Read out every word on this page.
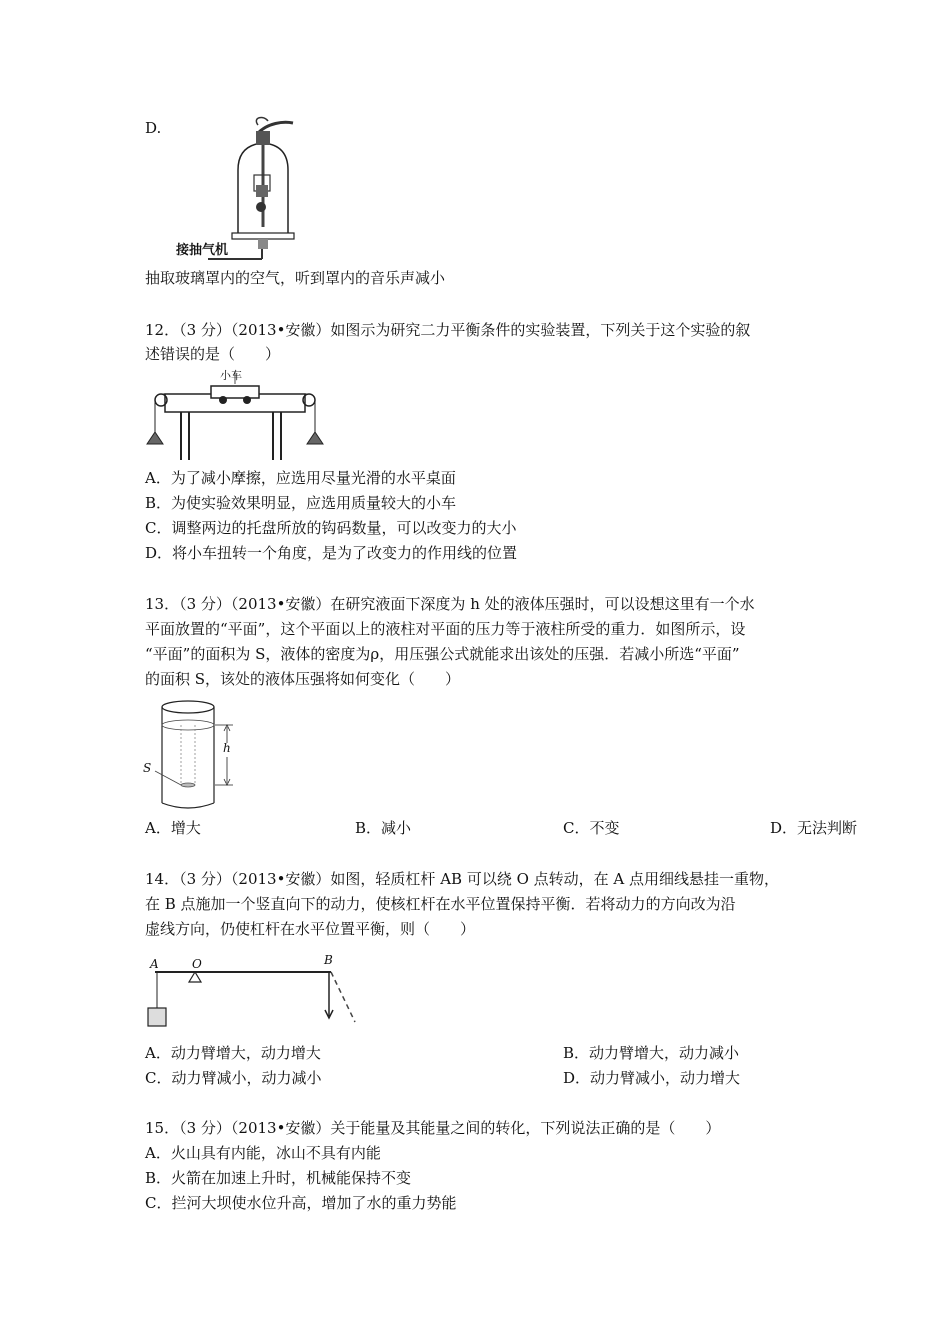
D.
接抽气机
抽取玻璃罩内的空气，听到罩内的音乐声减小
12．（3 分）（2013•安徽）如图示为研究二力平衡条件的实验装置，下列关于这个实验的叙
述错误的是（　　）
小车
A．为了减小摩擦，应选用尽量光滑的水平桌面
B．为使实验效果明显，应选用质量较大的小车
C．调整两边的托盘所放的钩码数量，可以改变力的大小
D．将小车扭转一个角度，是为了改变力的作用线的位置
13．（3 分）（2013•安徽）在研究液面下深度为 h 处的液体压强时，可以设想这里有一个水
平面放置的“平面”，这个平面以上的液柱对平面的压力等于液柱所受的重力．如图所示，设
“平面”的面积为 S，液体的密度为ρ，用压强公式就能求出该处的压强．若减小所选“平面”
的面积 S，该处的液体压强将如何变化（　　）
h
S
A．增大	B．减小	C．不变	D．无法判断
14．（3 分）（2013•安徽）如图，轻质杠杆 AB 可以绕 O 点转动，在 A 点用细线悬挂一重物，
在 B 点施加一个竖直向下的动力，使核杠杆在水平位置保持平衡．若将动力的方向改为沿
虚线方向，仍使杠杆在水平位置平衡，则（　　）
A	O	B
A．动力臂增大，动力增大	B．动力臂增大，动力减小
C．动力臂减小，动力减小	D．动力臂减小，动力增大
15．（3 分）（2013•安徽）关于能量及其能量之间的转化，下列说法正确的是（　　）
A．火山具有内能，冰山不具有内能
B．火箭在加速上升时，机械能保持不变
C．拦河大坝使水位升高，增加了水的重力势能
